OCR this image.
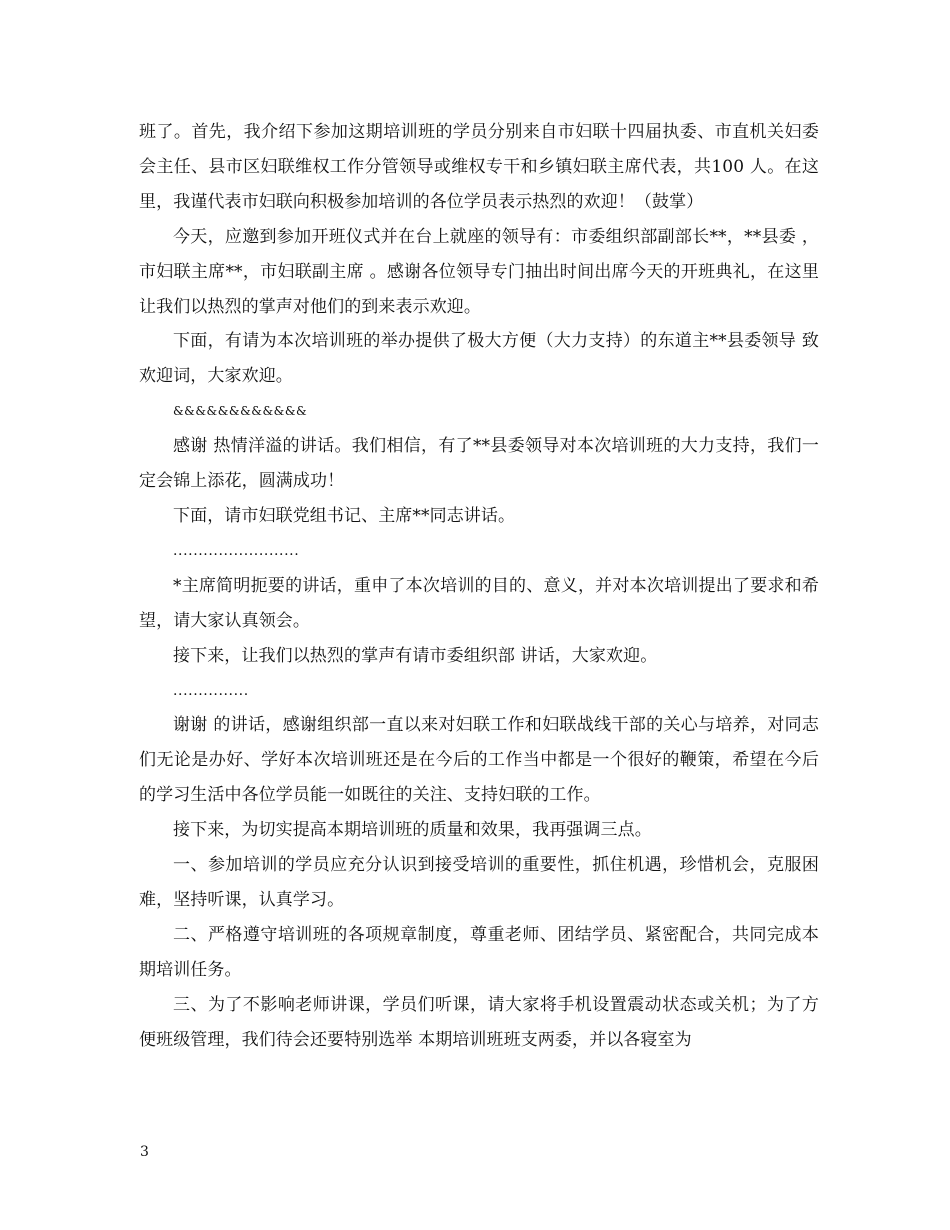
班了。首先，我介绍下参加这期培训班的学员分别来自市妇联十四届执委、市直机关妇委会主任、县市区妇联维权工作分管领导或维权专干和乡镇妇联主席代表，共100 人。在这里，我谨代表市妇联向积极参加培训的各位学员表示热烈的欢迎！（鼓掌）

今天，应邀到参加开班仪式并在台上就座的领导有：市委组织部副部长**，**县委 ，市妇联主席**，市妇联副主席 。感谢各位领导专门抽出时间出席今天的开班典礼，在这里让我们以热烈的掌声对他们的到来表示欢迎。

下面，有请为本次培训班的举办提供了极大方便（大力支持）的东道主**县委领导 致欢迎词，大家欢迎。

&&&&&&&&&&&&

感谢 热情洋溢的讲话。我们相信，有了**县委领导对本次培训班的大力支持，我们一定会锦上添花，圆满成功！

下面，请市妇联党组书记、主席**同志讲话。

.........................

*主席简明扼要的讲话，重申了本次培训的目的、意义，并对本次培训提出了要求和希望，请大家认真领会。

接下来，让我们以热烈的掌声有请市委组织部 讲话，大家欢迎。

...............

谢谢 的讲话，感谢组织部一直以来对妇联工作和妇联战线干部的关心与培养，对同志们无论是办好、学好本次培训班还是在今后的工作当中都是一个很好的鞭策，希望在今后的学习生活中各位学员能一如既往的关注、支持妇联的工作。

接下来，为切实提高本期培训班的质量和效果，我再强调三点。

一、参加培训的学员应充分认识到接受培训的重要性，抓住机遇，珍惜机会，克服困难，坚持听课，认真学习。

二、严格遵守培训班的各项规章制度，尊重老师、团结学员、紧密配合，共同完成本期培训任务。

三、为了不影响老师讲课，学员们听课，请大家将手机设置震动状态或关机；为了方便班级管理，我们待会还要特别选举 本期培训班班支两委，并以各寝室为

3
